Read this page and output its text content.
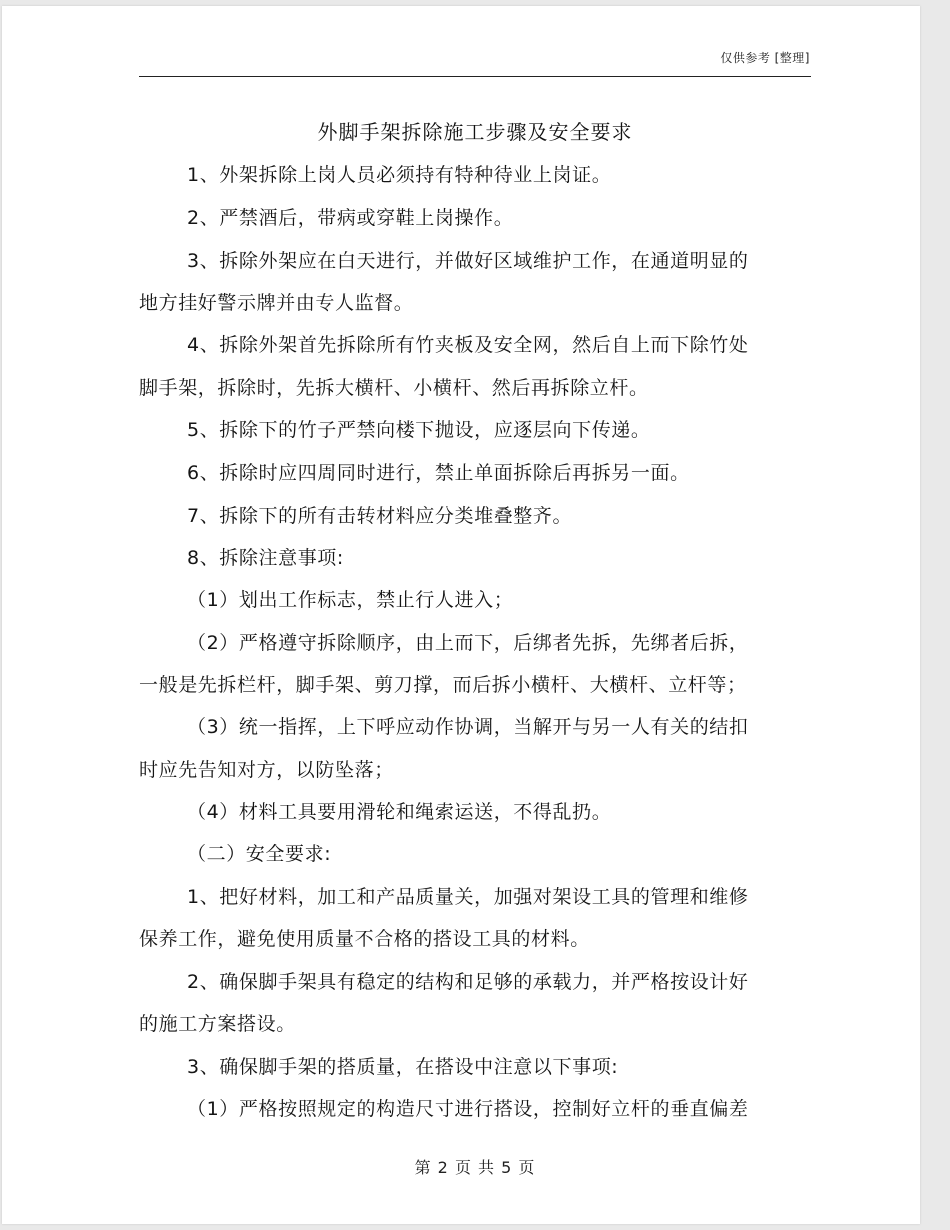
仅供参考 [整理]
外脚手架拆除施工步骤及安全要求
1、外架拆除上岗人员必须持有特种待业上岗证。
2、严禁酒后，带病或穿鞋上岗操作。
3、拆除外架应在白天进行，并做好区域维护工作，在通道明显的
地方挂好警示牌并由专人监督。
4、拆除外架首先拆除所有竹夹板及安全网，然后自上而下除竹处
脚手架，拆除时，先拆大横杆、小横杆、然后再拆除立杆。
5、拆除下的竹子严禁向楼下抛设，应逐层向下传递。
6、拆除时应四周同时进行，禁止单面拆除后再拆另一面。
7、拆除下的所有击转材料应分类堆叠整齐。
8、拆除注意事项:
（1）划出工作标志，禁止行人进入；
（2）严格遵守拆除顺序，由上而下，后绑者先拆，先绑者后拆，
一般是先拆栏杆，脚手架、剪刀撑，而后拆小横杆、大横杆、立杆等；
（3）统一指挥，上下呼应动作协调，当解开与另一人有关的结扣
时应先告知对方，以防坠落；
（4）材料工具要用滑轮和绳索运送，不得乱扔。
（二）安全要求:
1、把好材料，加工和产品质量关，加强对架设工具的管理和维修
保养工作，避免使用质量不合格的搭设工具的材料。
2、确保脚手架具有稳定的结构和足够的承载力，并严格按设计好
的施工方案搭设。
3、确保脚手架的搭质量，在搭设中注意以下事项:
（1）严格按照规定的构造尺寸进行搭设，控制好立杆的垂直偏差
第 2 页 共 5 页
